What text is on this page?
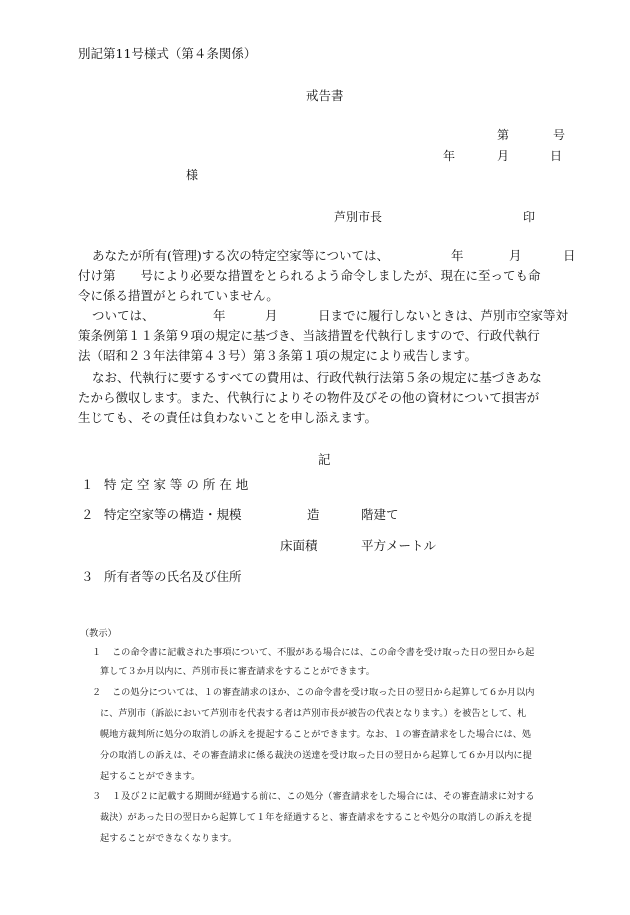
別記第11号様式（第４条関係）
戒告書
第	号
年	月	日
様
芦別市長	印
あなたが所有(管理)する次の特定空家等については、	年	月	日
付け第　　号により必要な措置をとられるよう命令しましたが、現在に至っても命
令に係る措置がとられていません。
ついては、	年	月	日までに履行しないときは、芦別市空家等対
策条例第１１条第９項の規定に基づき、当該措置を代執行しますので、行政代執行
法（昭和２３年法律第４３号）第３条第１項の規定により戒告します。
なお、代執行に要するすべての費用は、行政代執行法第５条の規定に基づきあな
たから徴収します。また、代執行によりその物件及びその他の資材について損害が
生じても、その責任は負わないことを申し添えます。
記
１ 特 定 空 家 等 の 所 在 地
２ 特定空家等の構造・規模	造	階建て
床面積	平方メートル
３ 所有者等の氏名及び住所
（教示）
１ この命令書に記載された事項について、不服がある場合には、この命令書を受け取った日の翌日から起
算して３か月以内に、芦別市長に審査請求をすることができます。
２ この処分については、１の審査請求のほか、この命令書を受け取った日の翌日から起算して６か月以内
に、芦別市（訴訟において芦別市を代表する者は芦別市長が被告の代表となります。）を被告として、札
幌地方裁判所に処分の取消しの訴えを提起することができます。なお、１の審査請求をした場合には、処
分の取消しの訴えは、その審査請求に係る裁決の送達を受け取った日の翌日から起算して６か月以内に提
起することができます。
３ １及び２に記載する期間が経過する前に、この処分（審査請求をした場合には、その審査請求に対する
裁決）があった日の翌日から起算して１年を経過すると、審査請求をすることや処分の取消しの訴えを提
起することができなくなります。
